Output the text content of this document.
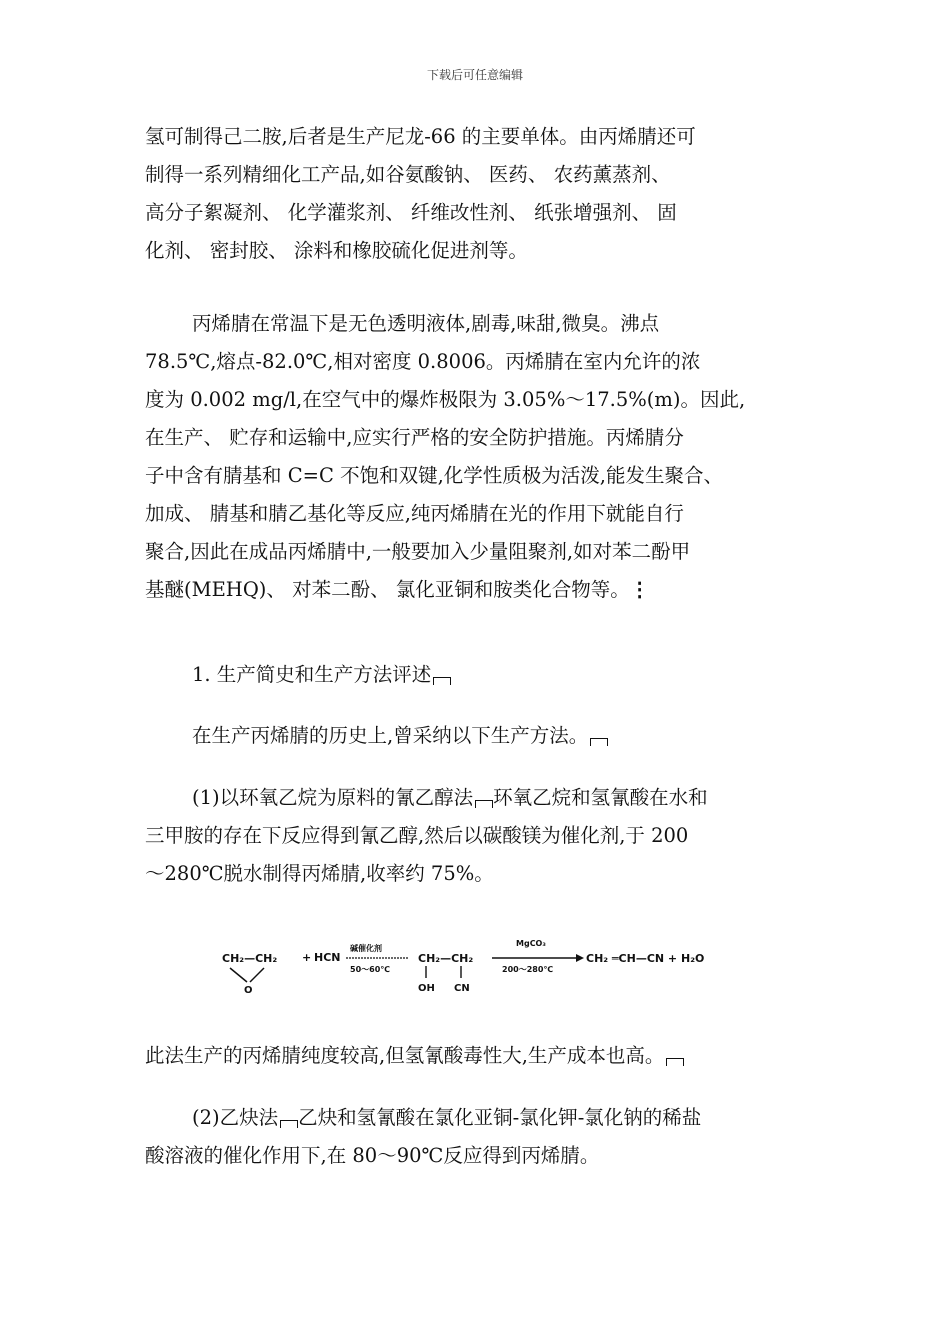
下载后可任意编辑

氢可制得己二胺,后者是生产尼龙-66 的主要单体。由丙烯腈还可
制得一系列精细化工产品,如谷氨酸钠、 医药、 农药薰蒸剂、
高分子絮凝剂、 化学灌浆剂、 纤维改性剂、 纸张增强剂、 固
化剂、 密封胶、 涂料和橡胶硫化促进剂等。

丙烯腈在常温下是无色透明液体,剧毒,味甜,微臭。沸点
78.5℃,熔点-82.0℃,相对密度 0.8006。丙烯腈在室内允许的浓
度为 0.002 mg/l,在空气中的爆炸极限为 3.05%～17.5%(m)。因此,
在生产、 贮存和运输中,应实行严格的安全防护措施。丙烯腈分
子中含有腈基和 C=C 不饱和双键,化学性质极为活泼,能发生聚合、
加成、 腈基和腈乙基化等反应,纯丙烯腈在光的作用下就能自行
聚合,因此在成品丙烯腈中,一般要加入少量阻聚剂,如对苯二酚甲
基醚(MEHQ)、 对苯二酚、 氯化亚铜和胺类化合物等。⋮

1. 生产简史和生产方法评述

在生产丙烯腈的历史上,曾采纳以下生产方法。

(1)以环氧乙烷为原料的氰乙醇法 环氧乙烷和氢氰酸在水和
三甲胺的存在下反应得到氰乙醇,然后以碳酸镁为催化剂,于 200
～280℃脱水制得丙烯腈,收率约 75%。

CH₂—CH₂
O
+ HCN
碱催化剂
50～60℃
CH₂—CH₂
OH CN
MgCO₃
200～280℃
CH₂ ═CH—CN + H₂O

此法生产的丙烯腈纯度较高,但氢氰酸毒性大,生产成本也高。

(2)乙炔法 乙炔和氢氰酸在氯化亚铜-氯化钾-氯化钠的稀盐
酸溶液的催化作用下,在 80～90℃反应得到丙烯腈。
